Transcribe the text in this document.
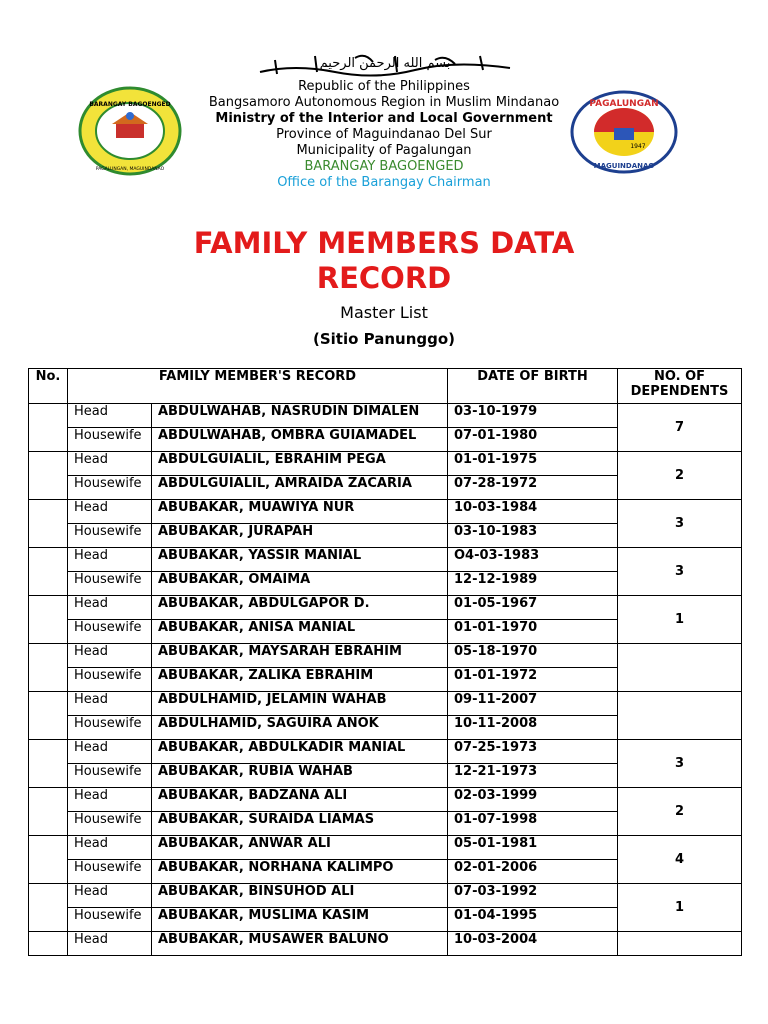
بسم الله الرحمن الرحيم
BARANGAY BAGOENGED
PAGALUNGAN, MAGUINDANAO
PAGALUNGAN
MAGUINDANAO
1947
Republic of the Philippines
Bangsamoro Autonomous Region in Muslim Mindanao
Ministry of the Interior and Local Government
Province of Maguindanao Del Sur
Municipality of Pagalungan
BARANGAY BAGOENGED
Office of the Barangay Chairman
FAMILY MEMBERS DATA
RECORD
Master List
(Sitio Panunggo)
No.	FAMILY MEMBER'S RECORD		DATE OF BIRTH	NO. OF
DEPENDENTS
	Head	ABDULWAHAB, NASRUDIN DIMALEN	03-10-1979	7
	Housewife	ABDULWAHAB, OMBRA GUIAMADEL	07-01-1980	
	Head	ABDULGUIALIL, EBRAHIM PEGA	01-01-1975	2
	Housewife	ABDULGUIALIL, AMRAIDA ZACARIA	07-28-1972	
	Head	ABUBAKAR, MUAWIYA NUR	10-03-1984	3
	Housewife	ABUBAKAR, JURAPAH	03-10-1983	
	Head	ABUBAKAR, YASSIR MANIAL	O4-03-1983	3
	Housewife	ABUBAKAR, OMAIMA	12-12-1989	
	Head	ABUBAKAR, ABDULGAPOR D.	01-05-1967	1
	Housewife	ABUBAKAR, ANISA MANIAL	01-01-1970	
	Head	ABUBAKAR, MAYSARAH EBRAHIM	05-18-1970	
	Housewife	ABUBAKAR, ZALIKA EBRAHIM	01-01-1972	
	Head	ABDULHAMID, JELAMIN WAHAB	09-11-2007	
	Housewife	ABDULHAMID, SAGUIRA ANOK	10-11-2008	
	Head	ABUBAKAR, ABDULKADIR MANIAL	07-25-1973	3
	Housewife	ABUBAKAR, RUBIA WAHAB	12-21-1973	
	Head	ABUBAKAR, BADZANA ALI	02-03-1999	2
	Housewife	ABUBAKAR, SURAIDA LIAMAS	01-07-1998	
	Head	ABUBAKAR, ANWAR ALI	05-01-1981	4
	Housewife	ABUBAKAR, NORHANA KALIMPO	02-01-2006	
	Head	ABUBAKAR, BINSUHOD ALI	07-03-1992	1
	Housewife	ABUBAKAR, MUSLIMA KASIM	01-04-1995	
	Head	ABUBAKAR, MUSAWER BALUNO	10-03-2004	
